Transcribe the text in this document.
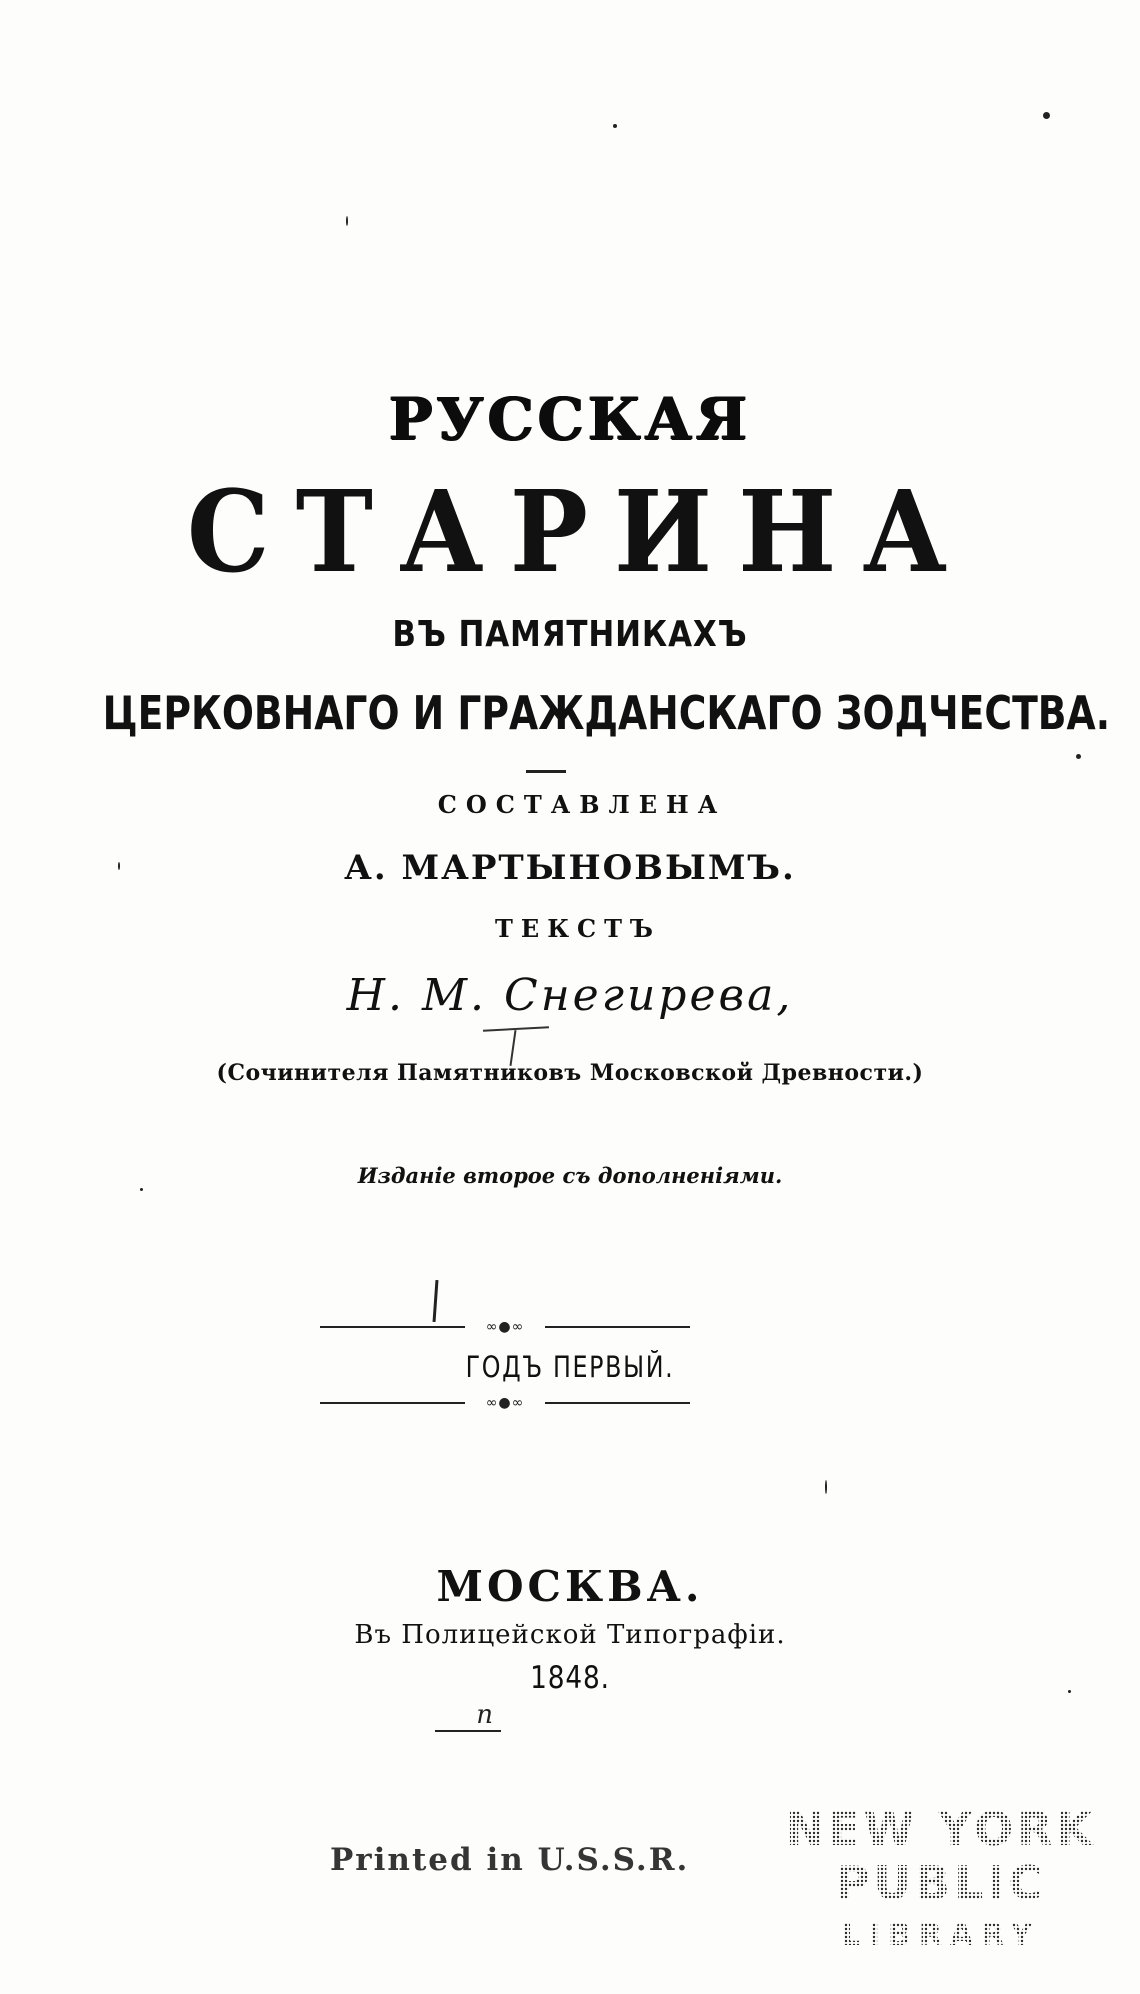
РУССКАЯ
СТАРИНА
ВЪ ПАМЯТНИКАХЪ
ЦЕРКОВНАГО И ГРАЖДАНСКАГО ЗОДЧЕСТВА.
СОСТАВЛЕНА
А. МАРТЫНОВЫМЪ.
ТЕКСТЪ
Н. М. Снегирева,
(Сочинителя Памятниковъ Московской Древности.)
Изданіе второе съ дополненіями.
∞●∞
ГОДЪ ПЕРВЫЙ.
∞●∞
МОСКВА.
Въ Полицейской Типографіи.
1848.
n
Printed in U.S.S.R.
NEW YORK
PUBLIC
LIBRARY
